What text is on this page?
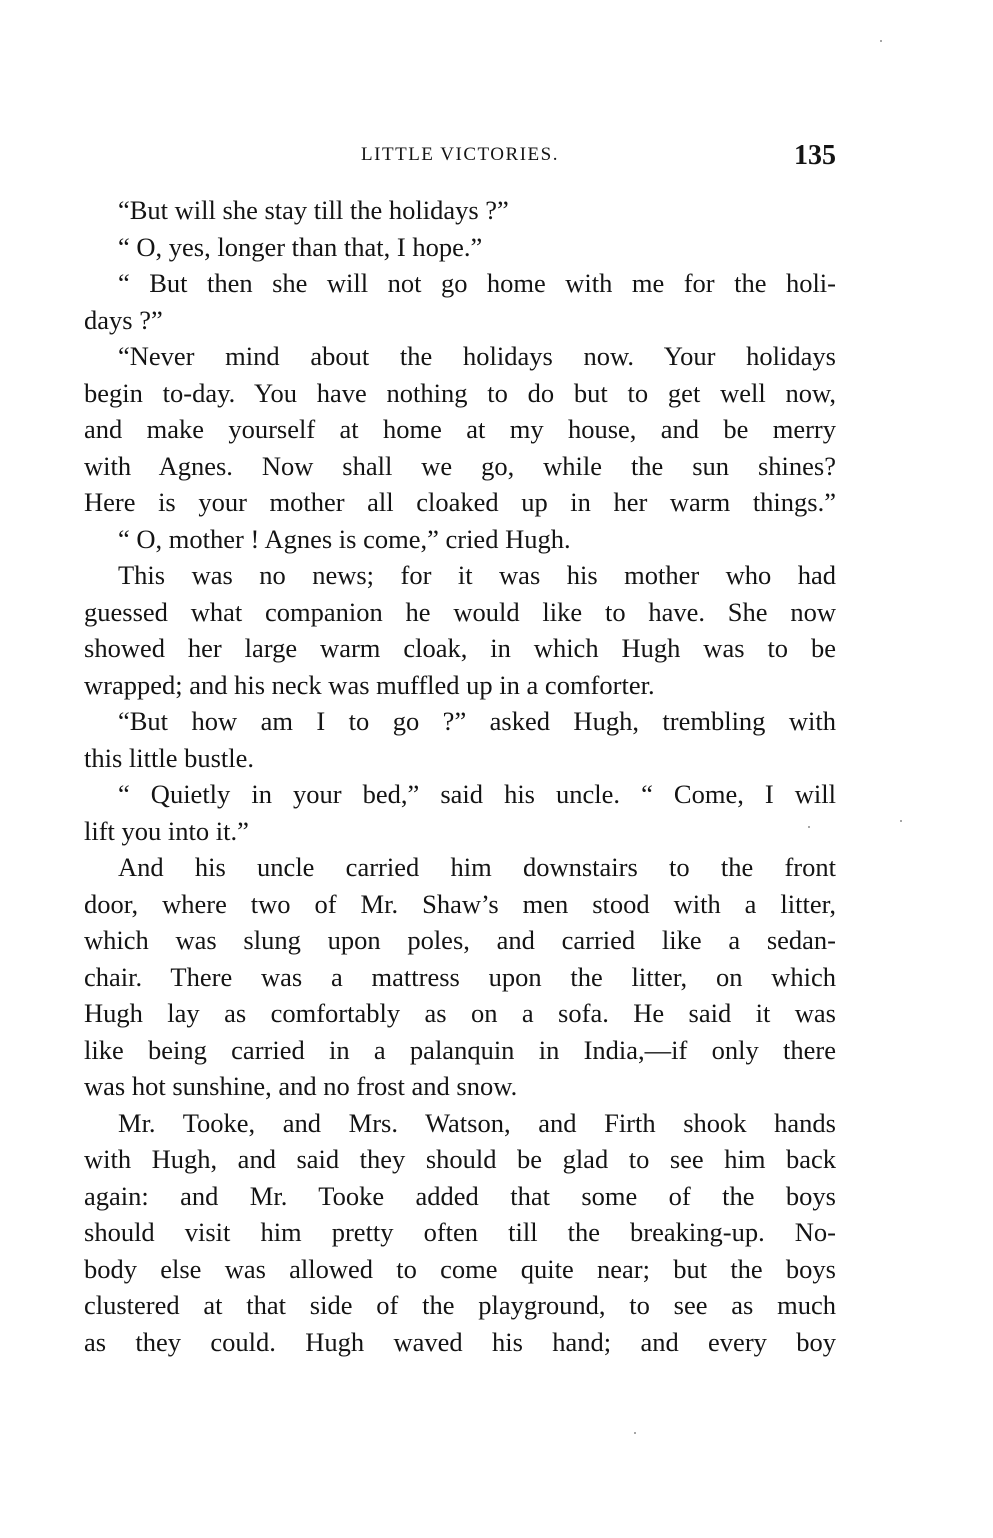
LITTLE VICTORIES.	135
“But will she stay till the holidays ?”
“ O, yes, longer than that, I hope.”
“ But then she will not go home with me for the holi-
days ?”
“Never mind about the holidays now. Your holidays
begin to-day. You have nothing to do but to get well now,
and make yourself at home at my house, and be merry
with Agnes. Now shall we go, while the sun shines?
Here is your mother all cloaked up in her warm things.”
“ O, mother ! Agnes is come,” cried Hugh.
This was no news; for it was his mother who had
guessed what companion he would like to have. She now
showed her large warm cloak, in which Hugh was to be
wrapped; and his neck was muffled up in a comforter.
“But how am I to go ?” asked Hugh, trembling with
this little bustle.
“ Quietly in your bed,” said his uncle. “ Come, I will
lift you into it.”
And his uncle carried him downstairs to the front
door, where two of Mr. Shaw’s men stood with a litter,
which was slung upon poles, and carried like a sedan-
chair. There was a mattress upon the litter, on which
Hugh lay as comfortably as on a sofa. He said it was
like being carried in a palanquin in India,—if only there
was hot sunshine, and no frost and snow.
Mr. Tooke, and Mrs. Watson, and Firth shook hands
with Hugh, and said they should be glad to see him back
again: and Mr. Tooke added that some of the boys
should visit him pretty often till the breaking-up. No-
body else was allowed to come quite near; but the boys
clustered at that side of the playground, to see as much
as they could. Hugh waved his hand; and every boy
